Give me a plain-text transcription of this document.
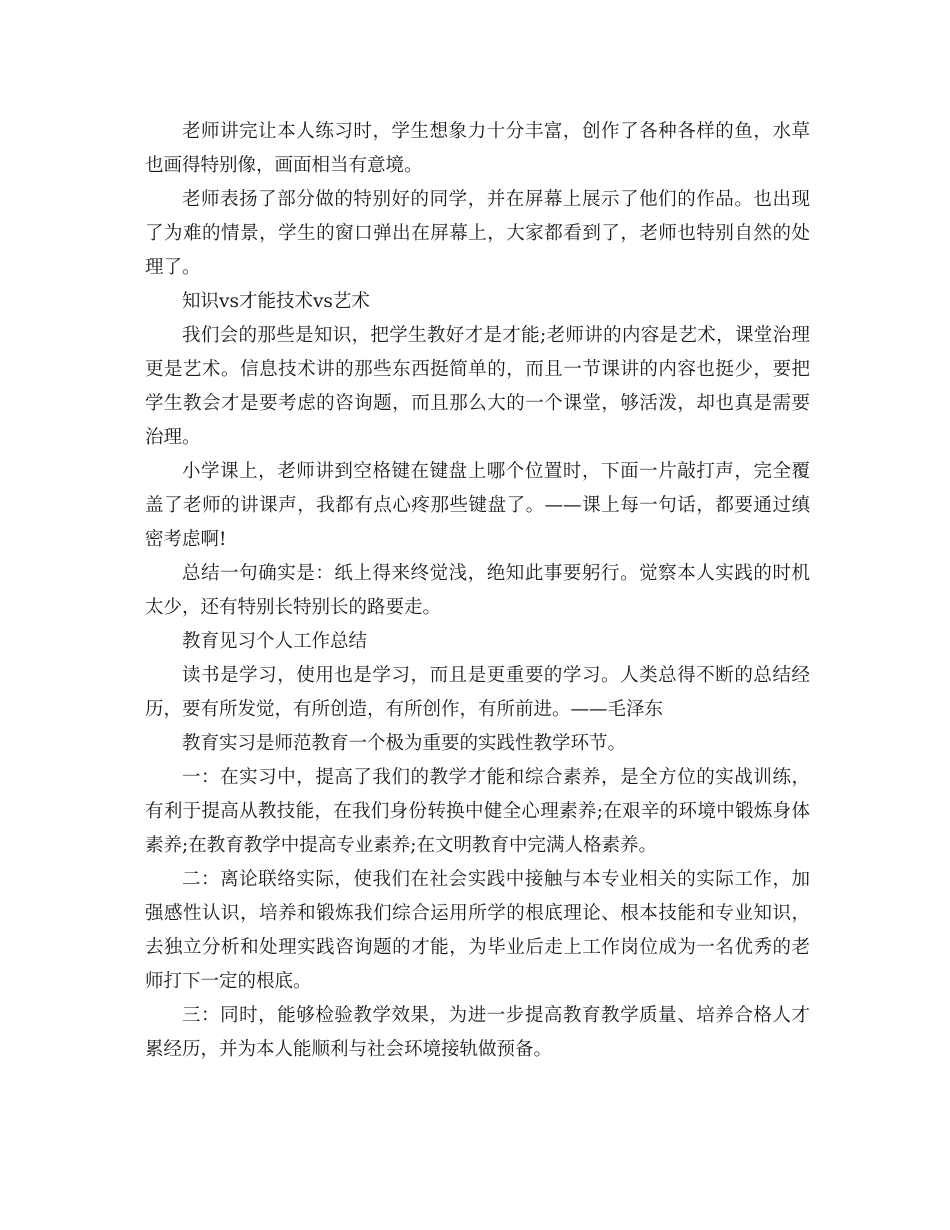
老师讲完让本人练习时，学生想象力十分丰富，创作了各种各样的鱼，水草也画得特别像，画面相当有意境。

老师表扬了部分做的特别好的同学，并在屏幕上展示了他们的作品。也出现了为难的情景，学生的窗口弹出在屏幕上，大家都看到了，老师也特别自然的处理了。

知识vs才能技术vs艺术

我们会的那些是知识，把学生教好才是才能;老师讲的内容是艺术，课堂治理更是艺术。信息技术讲的那些东西挺简单的，而且一节课讲的内容也挺少，要把学生教会才是要考虑的咨询题，而且那么大的一个课堂，够活泼，却也真是需要治理。

小学课上，老师讲到空格键在键盘上哪个位置时，下面一片敲打声，完全覆盖了老师的讲课声，我都有点心疼那些键盘了。——课上每一句话，都要通过缜密考虑啊!

总结一句确实是：纸上得来终觉浅，绝知此事要躬行。觉察本人实践的时机太少，还有特别长特别长的路要走。

教育见习个人工作总结

读书是学习，使用也是学习，而且是更重要的学习。人类总得不断的总结经历，要有所发觉，有所创造，有所创作，有所前进。——毛泽东

教育实习是师范教育一个极为重要的实践性教学环节。

一：在实习中，提高了我们的教学才能和综合素养，是全方位的实战训练，有利于提高从教技能，在我们身份转换中健全心理素养;在艰辛的环境中锻炼身体素养;在教育教学中提高专业素养;在文明教育中完满人格素养。

二：离论联络实际，使我们在社会实践中接触与本专业相关的实际工作，加强感性认识，培养和锻炼我们综合运用所学的根底理论、根本技能和专业知识，去独立分析和处理实践咨询题的才能，为毕业后走上工作岗位成为一名优秀的老师打下一定的根底。

三：同时，能够检验教学效果，为进一步提高教育教学质量、培养合格人才累经历，并为本人能顺利与社会环境接轨做预备。
